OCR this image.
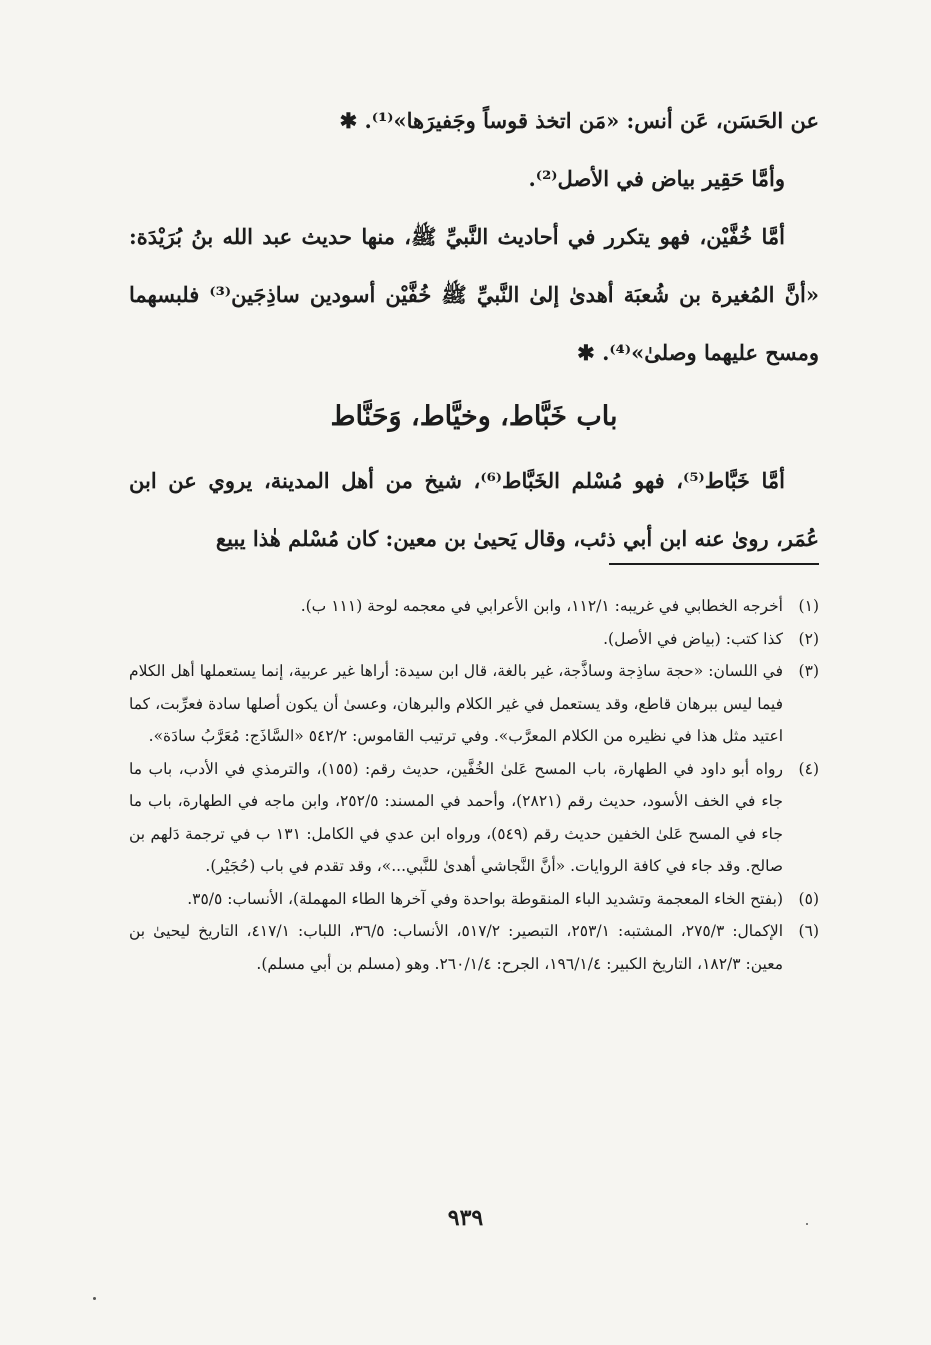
عن الحَسَن، عَن أنس: «مَن اتخذ قوساً وجَفيرَها»⁽¹⁾. ✱

وأمَّا حَقِير بياض في الأصل⁽²⁾.

أمَّا خُفَّيْن، فهو يتكرر في أحاديث النَّبيِّ ﷺ، منها حديث عبد الله بنُ بُرَيْدَة: «أنَّ المُغيرة بن شُعبَة أهدىٰ إلىٰ النَّبيِّ ﷺ خُفَّيْن أسودين ساذِجَين⁽³⁾ فلبسهما ومسح عليهما وصلىٰ»⁽⁴⁾. ✱

باب خَبَّاط، وخيَّاط، وَحَنَّاط

أمَّا خَبَّاط⁽⁵⁾، فهو مُسْلم الخَبَّاط⁽⁶⁾، شيخ من أهل المدينة، يروي عن ابن عُمَر، روىٰ عنه ابن أبي ذئب، وقال يَحيىٰ بن معين: كان مُسْلم هٰذا يبيع

(١)
أخرجه الخطابي في غريبه: ١١٢/١، وابن الأعرابي في معجمه لوحة (١١١ ب).
(٢)
كذا كتب: (بياض في الأصل).
(٣)
في اللسان: «حجة ساذِجة وساذَّجة، غير بالغة، قال ابن سيدة: أراها غير عربية، إنما يستعملها أهل الكلام فيما ليس ببرهان قاطع، وقد يستعمل في غير الكلام والبرهان، وعسىٰ أن يكون أصلها سادة فعرِّبت، كما اعتيد مثل هذا في نظيره من الكلام المعرَّب». وفي ترتيب القاموس: ٥٤٢/٢ «السَّاذَج: مُعَرَّبُ سادَة».
(٤)
رواه أبو داود في الطهارة، باب المسح عَلىٰ الخُفَّين، حديث رقم: (١٥٥)، والترمذي في الأدب، باب ما جاء في الخف الأسود، حديث رقم (٢٨٢١)، وأحمد في المسند: ٢٥٢/٥، وابن ماجه في الطهارة، باب ما جاء في المسح عَلىٰ الخفين حديث رقم (٥٤٩)، ورواه ابن عدي في الكامل: ١٣١ ب في ترجمة دَلهم بن صالح. وقد جاء في كافة الروايات. «أنَّ النَّجاشي أهدىٰ للنَّبي...»، وقد تقدم في باب (حُجَيْر).
(٥)
(بفتح الخاء المعجمة وتشديد الباء المنقوطة بواحدة وفي آخرها الطاء المهملة)، الأنساب: ٣٥/٥.
(٦)
الإكمال: ٢٧٥/٣، المشتبه: ٢٥٣/١، التبصير: ٥١٧/٢، الأنساب: ٣٦/٥، اللباب: ٤١٧/١، التاريخ ليحيىٰ بن معين: ١٨٢/٣، التاريخ الكبير: ١٩٦/١/٤، الجرح: ٢٦٠/١/٤. وهو (مسلم بن أبي مسلم).
٩٣٩
